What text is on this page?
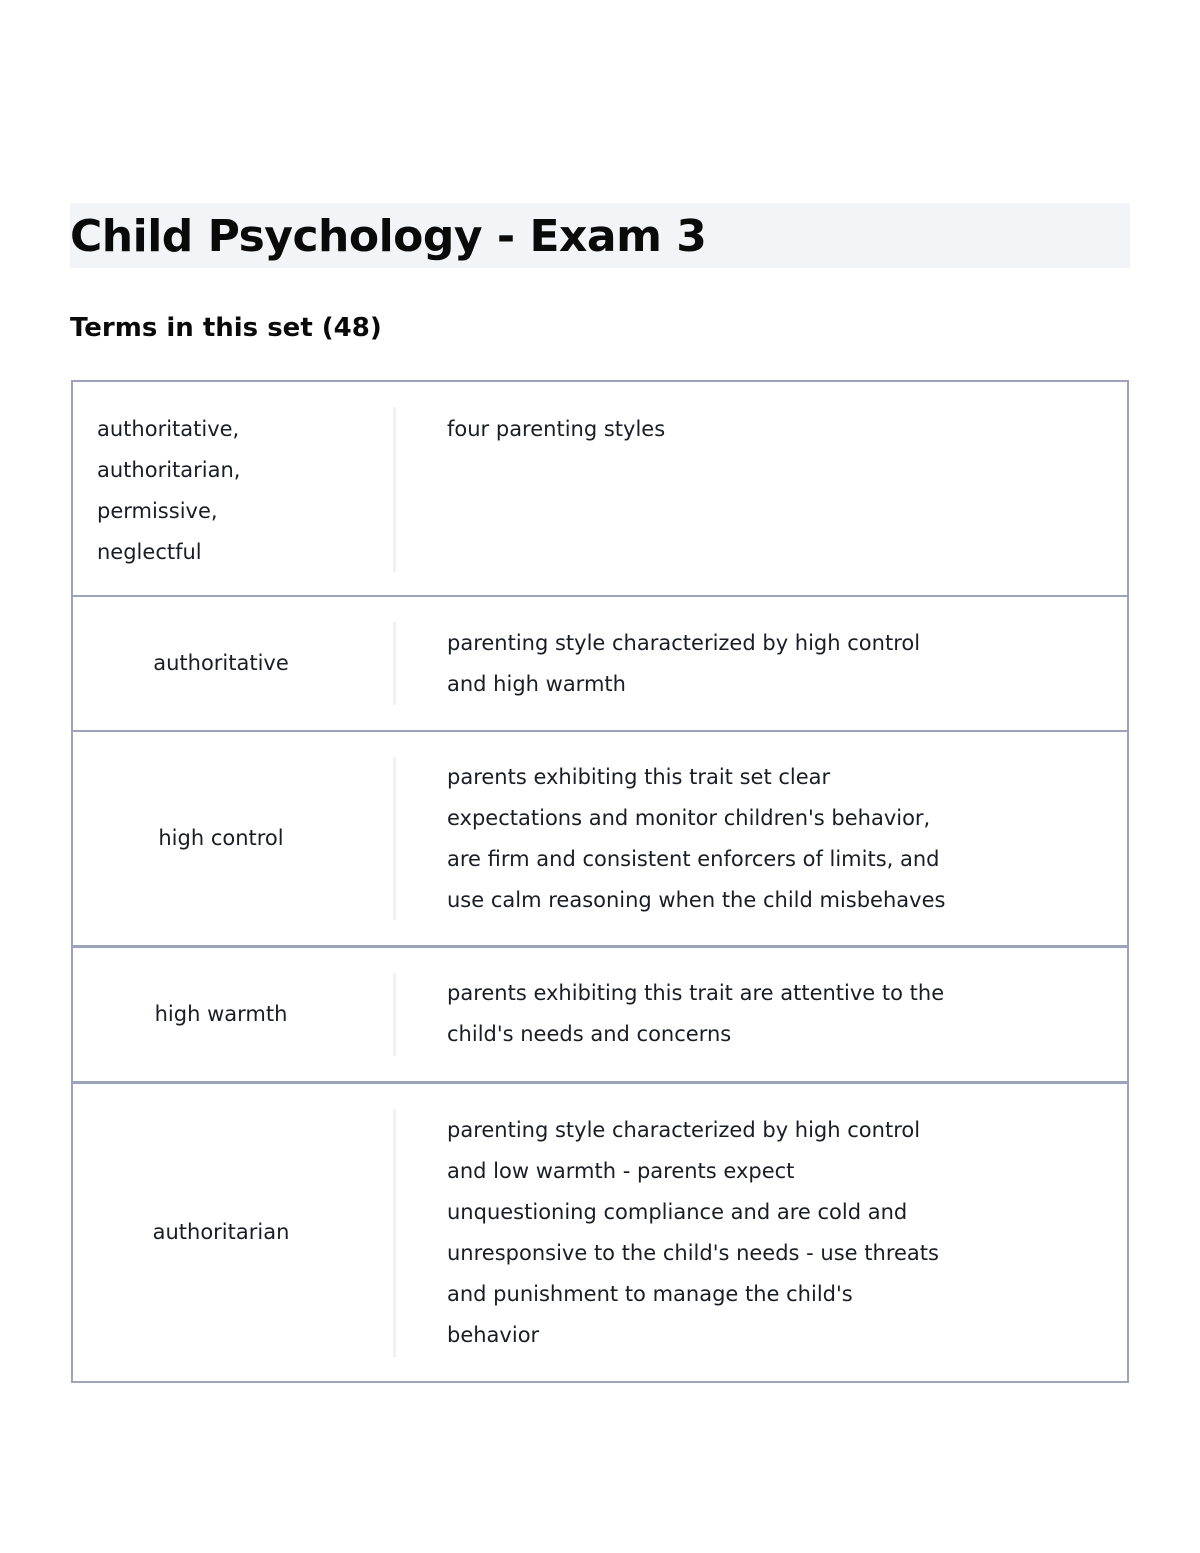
Child Psychology - Exam 3
Terms in this set (48)

authoritative,
authoritarian,
permissive,
neglectful

four parenting styles

authoritative

parenting style characterized by high control
and high warmth

high control

parents exhibiting this trait set clear
expectations and monitor children's behavior,
are firm and consistent enforcers of limits, and
use calm reasoning when the child misbehaves

high warmth

parents exhibiting this trait are attentive to the
child's needs and concerns

authoritarian

parenting style characterized by high control
and low warmth - parents expect
unquestioning compliance and are cold and
unresponsive to the child's needs - use threats
and punishment to manage the child's
behavior
